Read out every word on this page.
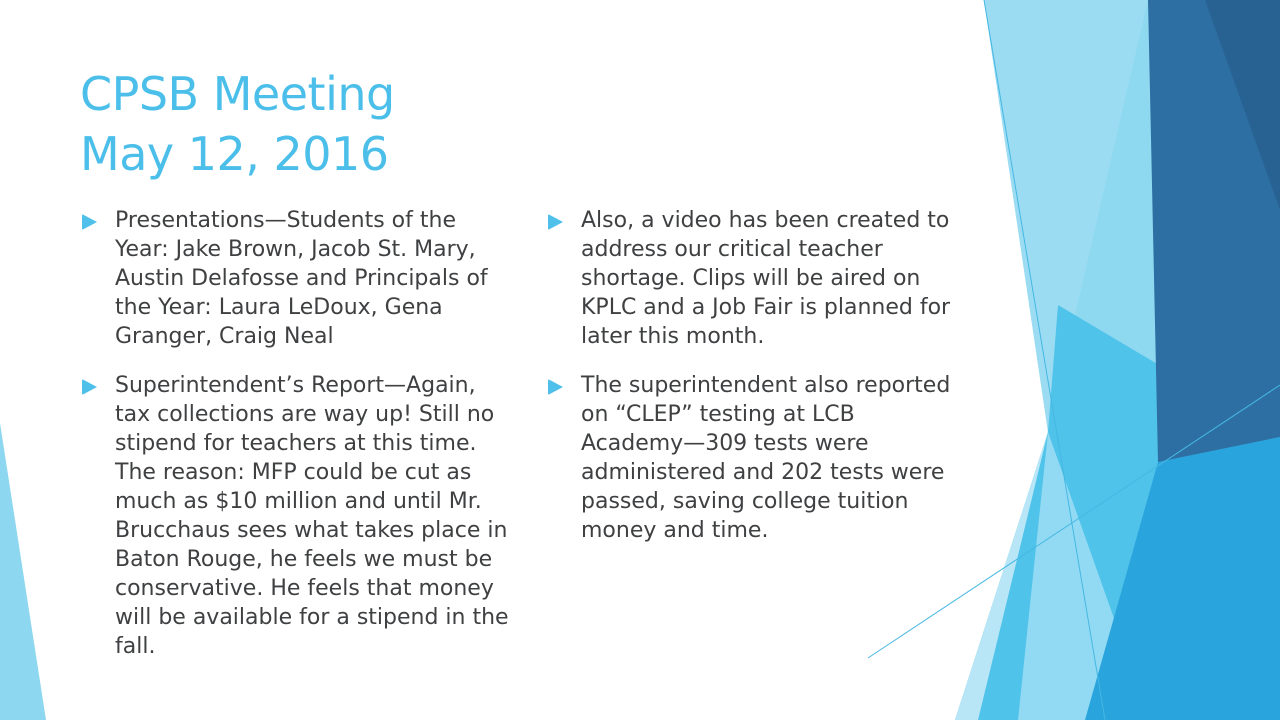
CPSB Meeting
May 12, 2016

Presentations—Students of the Year: Jake Brown, Jacob St. Mary, Austin Delafosse and Principals of the Year: Laura LeDoux, Gena Granger, Craig Neal

Superintendent’s Report—Again, tax collections are way up! Still no stipend for teachers at this time. The reason: MFP could be cut as much as $10 million and until Mr. Brucchaus sees what takes place in Baton Rouge, he feels we must be conservative. He feels that money will be available for a stipend in the fall.

Also, a video has been created to address our critical teacher shortage. Clips will be aired on KPLC and a Job Fair is planned for later this month.

The superintendent also reported on “CLEP” testing at LCB Academy—309 tests were administered and 202 tests were passed, saving college tuition money and time.
